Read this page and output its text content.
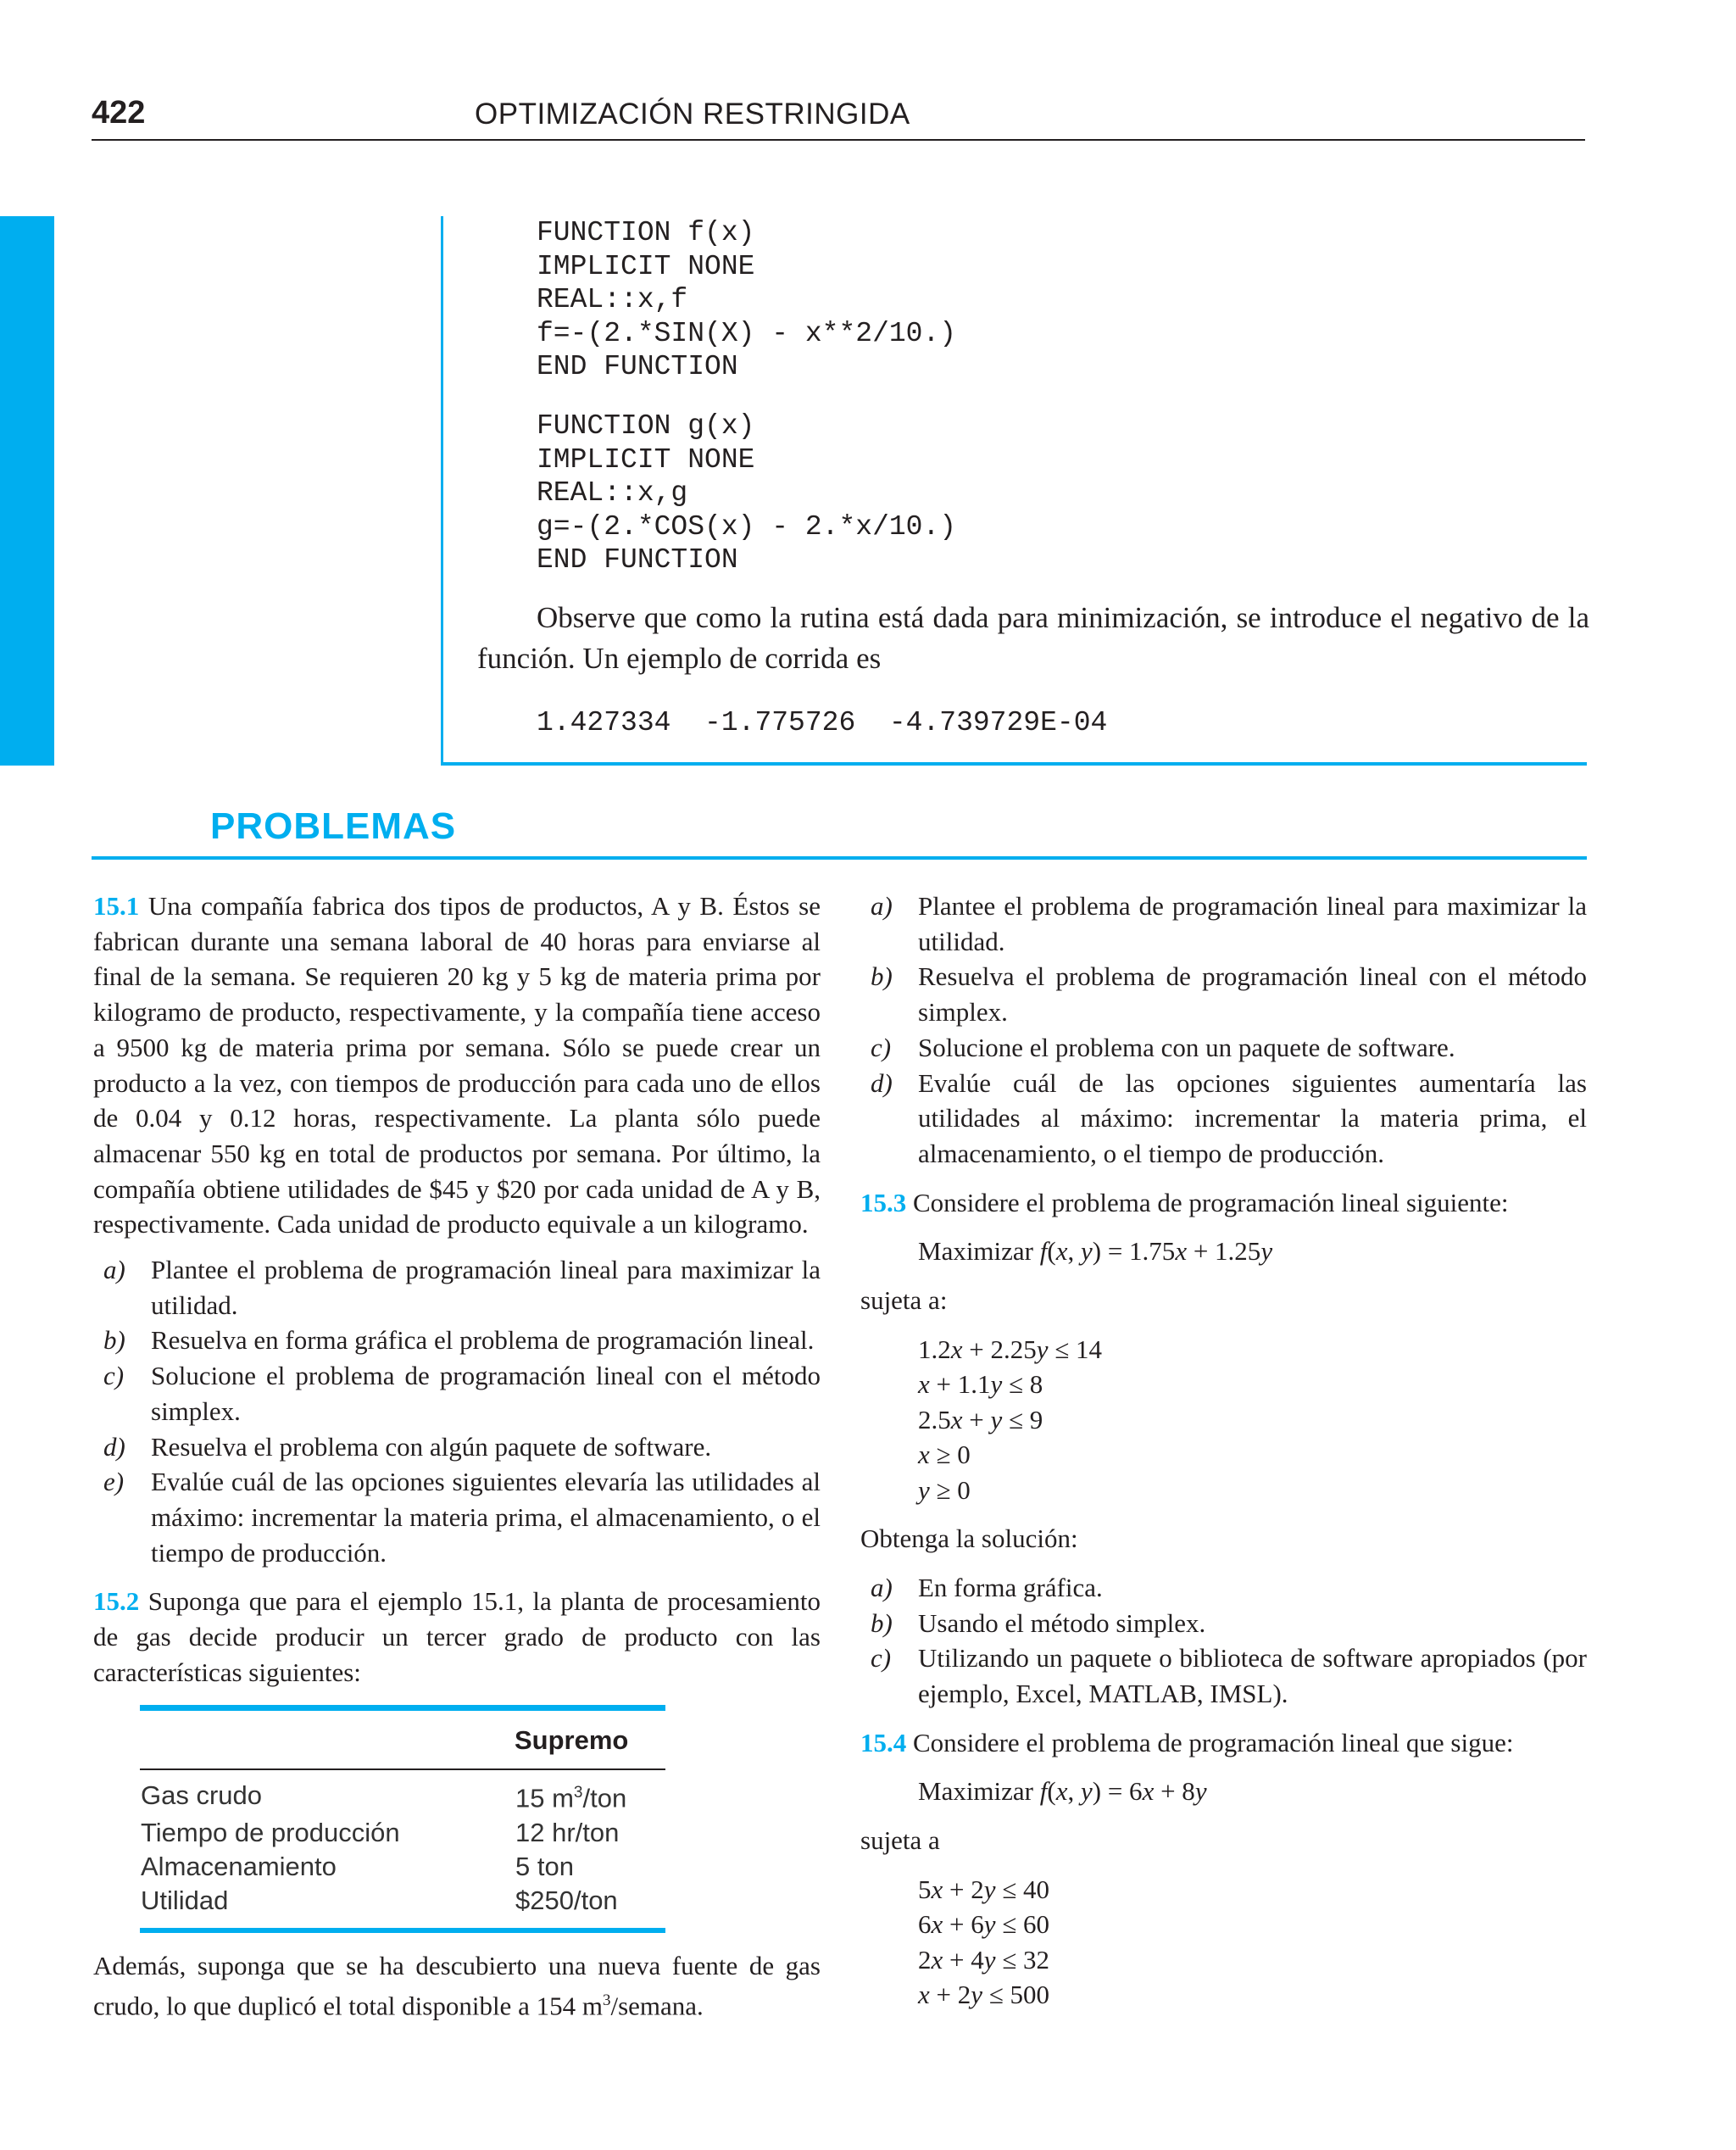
422	OPTIMIZACIÓN RESTRINGIDA
FUNCTION f(x)
IMPLICIT NONE
REAL::x,f
f=-(2.*SIN(X) - x**2/10.)
END FUNCTION
FUNCTION g(x)
IMPLICIT NONE
REAL::x,g
g=-(2.*COS(x) - 2.*x/10.)
END FUNCTION

Observe que como la rutina está dada para minimización, se introduce el negativo de la función. Un ejemplo de corrida es

1.427334  -1.775726  -4.739729E-04
PROBLEMAS

15.1 Una compañía fabrica dos tipos de productos, A y B. Éstos se fabrican durante una semana laboral de 40 horas para enviarse al final de la semana. Se requieren 20 kg y 5 kg de materia prima por kilogramo de producto, respectivamente, y la compañía tiene acceso a 9500 kg de materia prima por semana. Sólo se puede crear un producto a la vez, con tiempos de producción para cada uno de ellos de 0.04 y 0.12 horas, respectivamente. La planta sólo puede almacenar 550 kg en total de productos por semana. Por último, la compañía obtiene utilidades de $45 y $20 por cada unidad de A y B, respectivamente. Cada unidad de producto equivale a un kilogramo.

a) Plantee el problema de programación lineal para maximizar la utilidad.
b) Resuelva en forma gráfica el problema de programación lineal.
c) Solucione el problema de programación lineal con el método simplex.
d) Resuelva el problema con algún paquete de software.
e) Evalúe cuál de las opciones siguientes elevaría las utilidades al máximo: incrementar la materia prima, el almacenamiento, o el tiempo de producción.

15.2 Suponga que para el ejemplo 15.1, la planta de procesamiento de gas decide producir un tercer grado de producto con las características siguientes:

	Supremo
Gas crudo	15 $m^3$/ton
Tiempo de producción	12 hr/ton
Almacenamiento	5 ton
Utilidad	$250/ton

Además, suponga que se ha descubierto una nueva fuente de gas crudo, lo que duplicó el total disponible a 154 $m^3$/semana.

a) Plantee el problema de programación lineal para maximizar la utilidad.
b) Resuelva el problema de programación lineal con el método simplex.
c) Solucione el problema con un paquete de software.
d) Evalúe cuál de las opciones siguientes aumentaría las utilidades al máximo: incrementar la materia prima, el almacenamiento, o el tiempo de producción.

15.3 Considere el problema de programación lineal siguiente:

Maximizar f(x, y) = 1.75x + 1.25y

sujeta a:

1.2x + 2.25y ≤ 14
x + 1.1y ≤ 8
2.5x + y ≤ 9
x ≥ 0
y ≥ 0

Obtenga la solución:

a) En forma gráfica.
b) Usando el método simplex.
c) Utilizando un paquete o biblioteca de software apropiados (por ejemplo, Excel, MATLAB, IMSL).

15.4 Considere el problema de programación lineal que sigue:

Maximizar f(x, y) = 6x + 8y

sujeta a

5x + 2y ≤ 40
6x + 6y ≤ 60
2x + 4y ≤ 32
x + 2y ≤ 500
